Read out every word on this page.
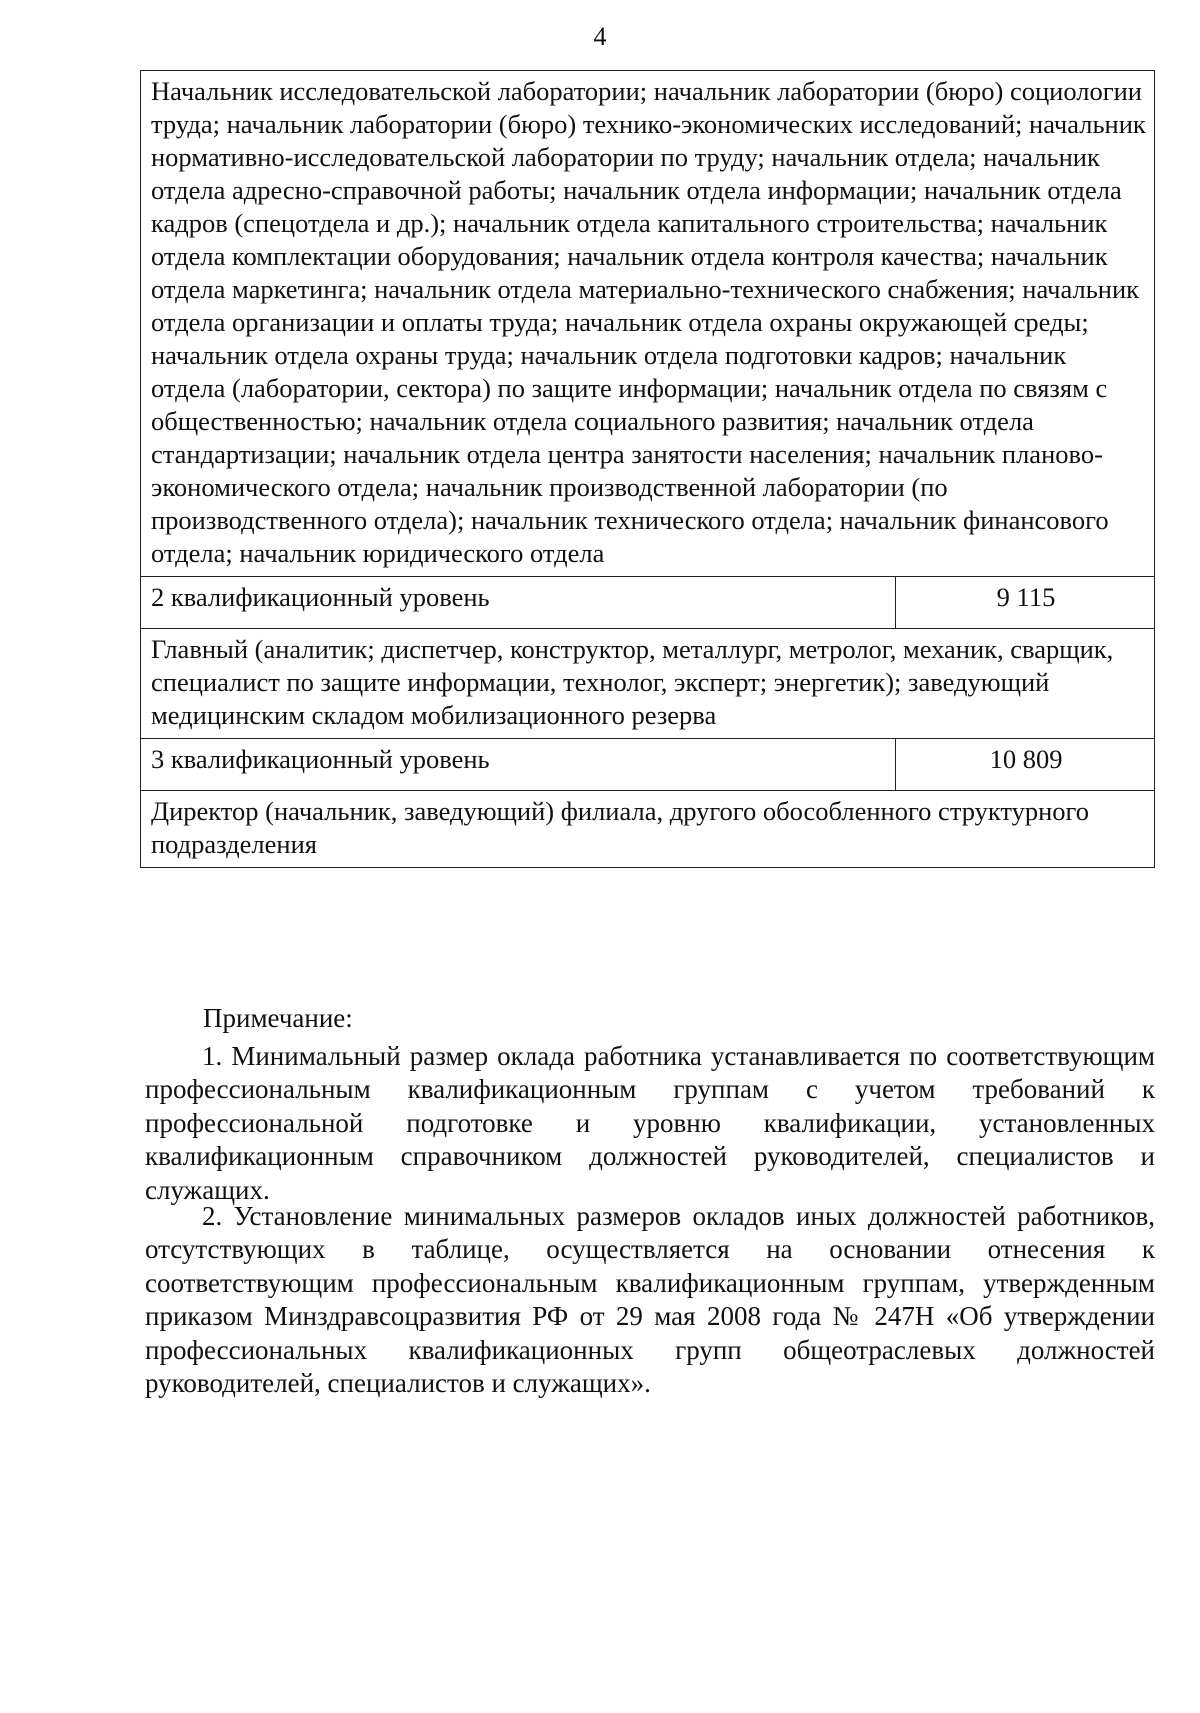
4
Начальник исследовательской лаборатории; начальник лаборатории (бюро) социологии труда; начальник лаборатории (бюро) технико-экономических исследований; начальник нормативно-исследовательской лаборатории по труду; начальник отдела; начальник отдела адресно-справочной работы; начальник отдела информации; начальник отдела кадров (спецотдела и др.); начальник отдела капитального строительства; начальник отдела комплектации оборудования; начальник отдела контроля качества; начальник отдела маркетинга; начальник отдела материально-технического снабжения; начальник отдела организации и оплаты труда; начальник отдела охраны окружающей среды; начальник отдела охраны труда; начальник отдела подготовки кадров; начальник отдела (лаборатории, сектора) по защите информации; начальник отдела по связям с общественностью; начальник отдела социального развития; начальник отдела стандартизации; начальник отдела центра занятости населения; начальник планово-экономического отдела; начальник производственной лаборатории (по производственного отдела); начальник технического отдела; начальник финансового отдела; начальник юридического отдела	
2 квалификационный уровень	9 115
Главный (аналитик; диспетчер, конструктор, металлург, метролог, механик, сварщик, специалист по защите информации, технолог, эксперт; энергетик); заведующий медицинским складом мобилизационного резерва	
3 квалификационный уровень	10 809
Директор (начальник, заведующий) филиала, другого обособленного структурного подразделения	
Примечание:

1. Минимальный размер оклада работника устанавливается по соответствующим профессиональным квалификационным группам с учетом требований к профессиональной подготовке и уровню квалификации, установленных квалификационным справочником должностей руководителей, специалистов и служащих.

2. Установление минимальных размеров окладов иных должностей работников, отсутствующих в таблице, осуществляется на основании отнесения к соответствующим профессиональным квалификационным группам, утвержденным приказом Минздравсоцразвития РФ от 29 мая 2008 года № 247Н «Об утверждении профессиональных квалификационных групп общеотраслевых должностей руководителей, специалистов и служащих».
